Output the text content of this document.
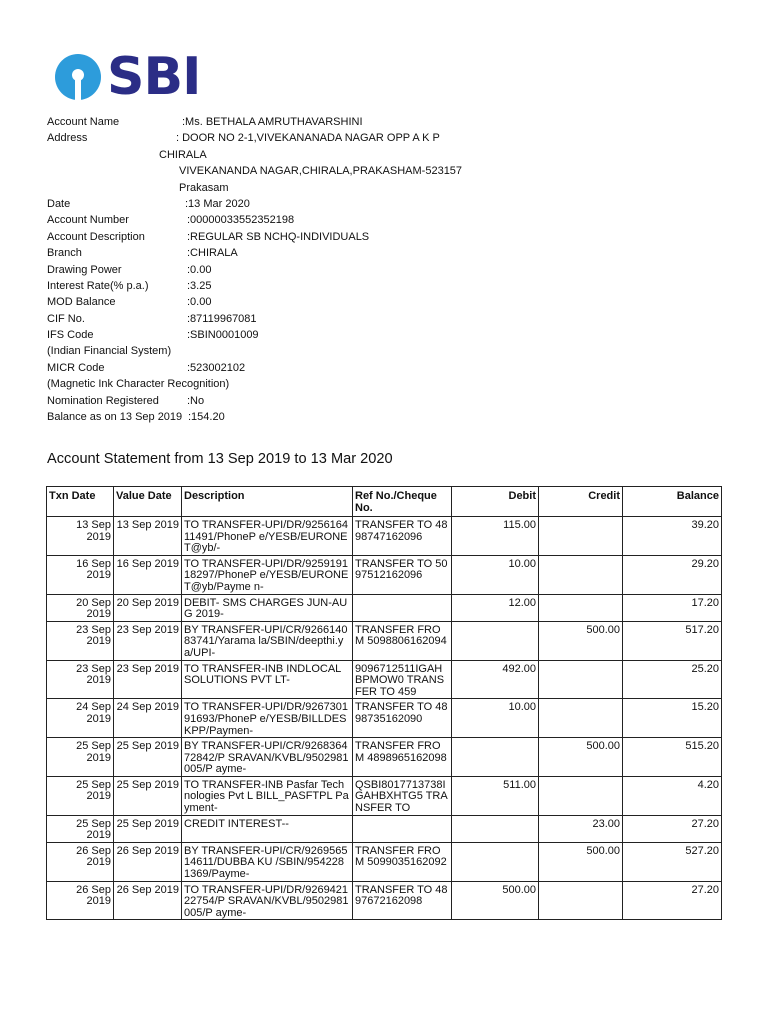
SBI
Account Name	:Ms. BETHALA AMRUTHAVARSHINI
Address	: DOOR NO 2-1,VIVEKANANADA NAGAR OPP A K P
CHIRALA
VIVEKANANDA NAGAR,CHIRALA,PRAKASHAM-523157
Prakasam
Date	:13 Mar 2020
Account Number	:00000033552352198
Account Description	:REGULAR SB NCHQ-INDIVIDUALS
Branch	:CHIRALA
Drawing Power	:0.00
Interest Rate(% p.a.)	:3.25
MOD Balance	:0.00
CIF No.	:87119967081
IFS Code	:SBIN0001009
(Indian Financial System)
MICR Code	:523002102
(Magnetic Ink Character Recognition)
Nomination Registered	:No
Balance as on 13 Sep 2019 :154.20
Account Statement from 13 Sep 2019 to 13 Mar 2020
Txn Date	Value Date	Description	Ref No./Cheque No.	Debit	Credit	Balance
13 Sep 2019	13 Sep 2019	TO TRANSFER-UPI/DR/925616411491/PhoneP e/YESB/EURONET@yb/-	TRANSFER TO 4898747162096	115.00		39.20
16 Sep 2019	16 Sep 2019	TO TRANSFER-UPI/DR/925919118297/PhoneP e/YESB/EURONET@yb/Payme n-	TRANSFER TO 5097512162096	10.00		29.20
20 Sep 2019	20 Sep 2019	DEBIT- SMS CHARGES JUN-AUG 2019-		12.00		17.20
23 Sep 2019	23 Sep 2019	BY TRANSFER-UPI/CR/926614083741/Yarama la/SBIN/deepthi.ya/UPI-	TRANSFER FROM 5098806162094		500.00	517.20
23 Sep 2019	23 Sep 2019	TO TRANSFER-INB INDLOCAL SOLUTIONS PVT LT-	9096712511IGAH BPMOW0 TRANSFER TO 459	492.00		25.20
24 Sep 2019	24 Sep 2019	TO TRANSFER-UPI/DR/926730191693/PhoneP e/YESB/BILLDESKPP/Paymen-	TRANSFER TO 4898735162090	10.00		15.20
25 Sep 2019	25 Sep 2019	BY TRANSFER-UPI/CR/926836472842/P SRAVAN/KVBL/9502981005/P ayme-	TRANSFER FROM 4898965162098		500.00	515.20
25 Sep 2019	25 Sep 2019	TO TRANSFER-INB Pasfar Technologies Pvt L BILL_PASFTPL Payment-	QSBI8017713738I GAHBXHTG5 TRANSFER TO	511.00		4.20
25 Sep 2019	25 Sep 2019	CREDIT INTEREST--			23.00	27.20
26 Sep 2019	26 Sep 2019	BY TRANSFER-UPI/CR/926956514611/DUBBA KU /SBIN/9542281369/Payme-	TRANSFER FROM 5099035162092		500.00	527.20
26 Sep 2019	26 Sep 2019	TO TRANSFER-UPI/DR/926942122754/P SRAVAN/KVBL/9502981005/P ayme-	TRANSFER TO 4897672162098	500.00		27.20
